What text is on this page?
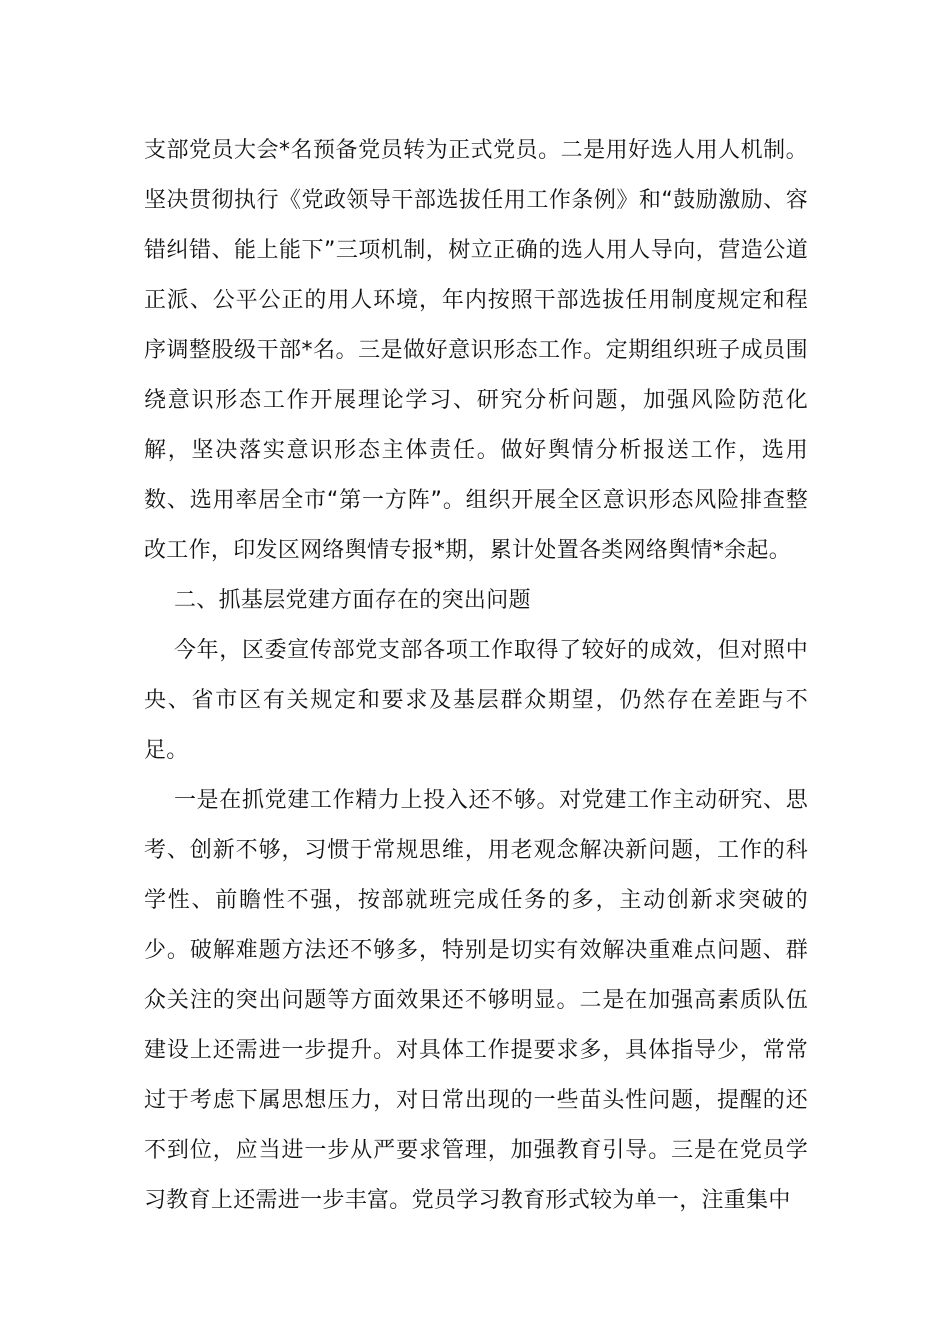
支部党员大会*名预备党员转为正式党员。二是用好选人用人机制。坚决贯彻执行《党政领导干部选拔任用工作条例》和“鼓励激励、容错纠错、能上能下”三项机制，树立正确的选人用人导向，营造公道正派、公平公正的用人环境，年内按照干部选拔任用制度规定和程序调整股级干部*名。三是做好意识形态工作。定期组织班子成员围绕意识形态工作开展理论学习、研究分析问题，加强风险防范化解，坚决落实意识形态主体责任。做好舆情分析报送工作，选用数、选用率居全市“第一方阵”。组织开展全区意识形态风险排查整改工作，印发区网络舆情专报*期，累计处置各类网络舆情*余起。

二、抓基层党建方面存在的突出问题

今年，区委宣传部党支部各项工作取得了较好的成效，但对照中央、省市区有关规定和要求及基层群众期望，仍然存在差距与不足。

一是在抓党建工作精力上投入还不够。对党建工作主动研究、思考、创新不够，习惯于常规思维，用老观念解决新问题，工作的科学性、前瞻性不强，按部就班完成任务的多，主动创新求突破的少。破解难题方法还不够多，特别是切实有效解决重难点问题、群众关注的突出问题等方面效果还不够明显。二是在加强高素质队伍建设上还需进一步提升。对具体工作提要求多，具体指导少，常常过于考虑下属思想压力，对日常出现的一些苗头性问题，提醒的还不到位，应当进一步从严要求管理，加强教育引导。三是在党员学习教育上还需进一步丰富。党员学习教育形式较为单一，注重集中
